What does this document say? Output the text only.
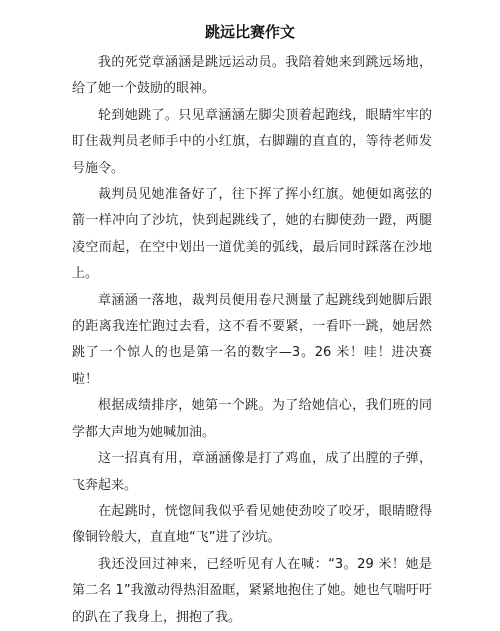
跳远比赛作文

我的死党章涵涵是跳远运动员。我陪着她来到跳远场地，给了她一个鼓励的眼神。

轮到她跳了。只见章涵涵左脚尖顶着起跑线，眼睛牢牢的盯住裁判员老师手中的小红旗，右脚蹦的直直的，等待老师发号施令。

裁判员见她准备好了，往下挥了挥小红旗。她便如离弦的箭一样冲向了沙坑，快到起跳线了，她的右脚使劲一蹬，两腿凌空而起，在空中划出一道优美的弧线，最后同时踩落在沙地上。

章涵涵一落地，裁判员便用卷尺测量了起跳线到她脚后跟的距离我连忙跑过去看，这不看不要紧，一看吓一跳，她居然跳了一个惊人的也是第一名的数字—3。26 米！哇！进决赛啦！

根据成绩排序，她第一个跳。为了给她信心，我们班的同学都大声地为她喊加油。

这一招真有用，章涵涵像是打了鸡血，成了出膛的子弹，飞奔起来。

在起跳时，恍惚间我似乎看见她使劲咬了咬牙，眼睛瞪得像铜铃般大，直直地“飞”进了沙坑。

我还没回过神来，已经听见有人在喊：“3。29 米！她是第二名 1”我激动得热泪盈眶，紧紧地抱住了她。她也气喘吁吁的趴在了我身上，拥抱了我。
